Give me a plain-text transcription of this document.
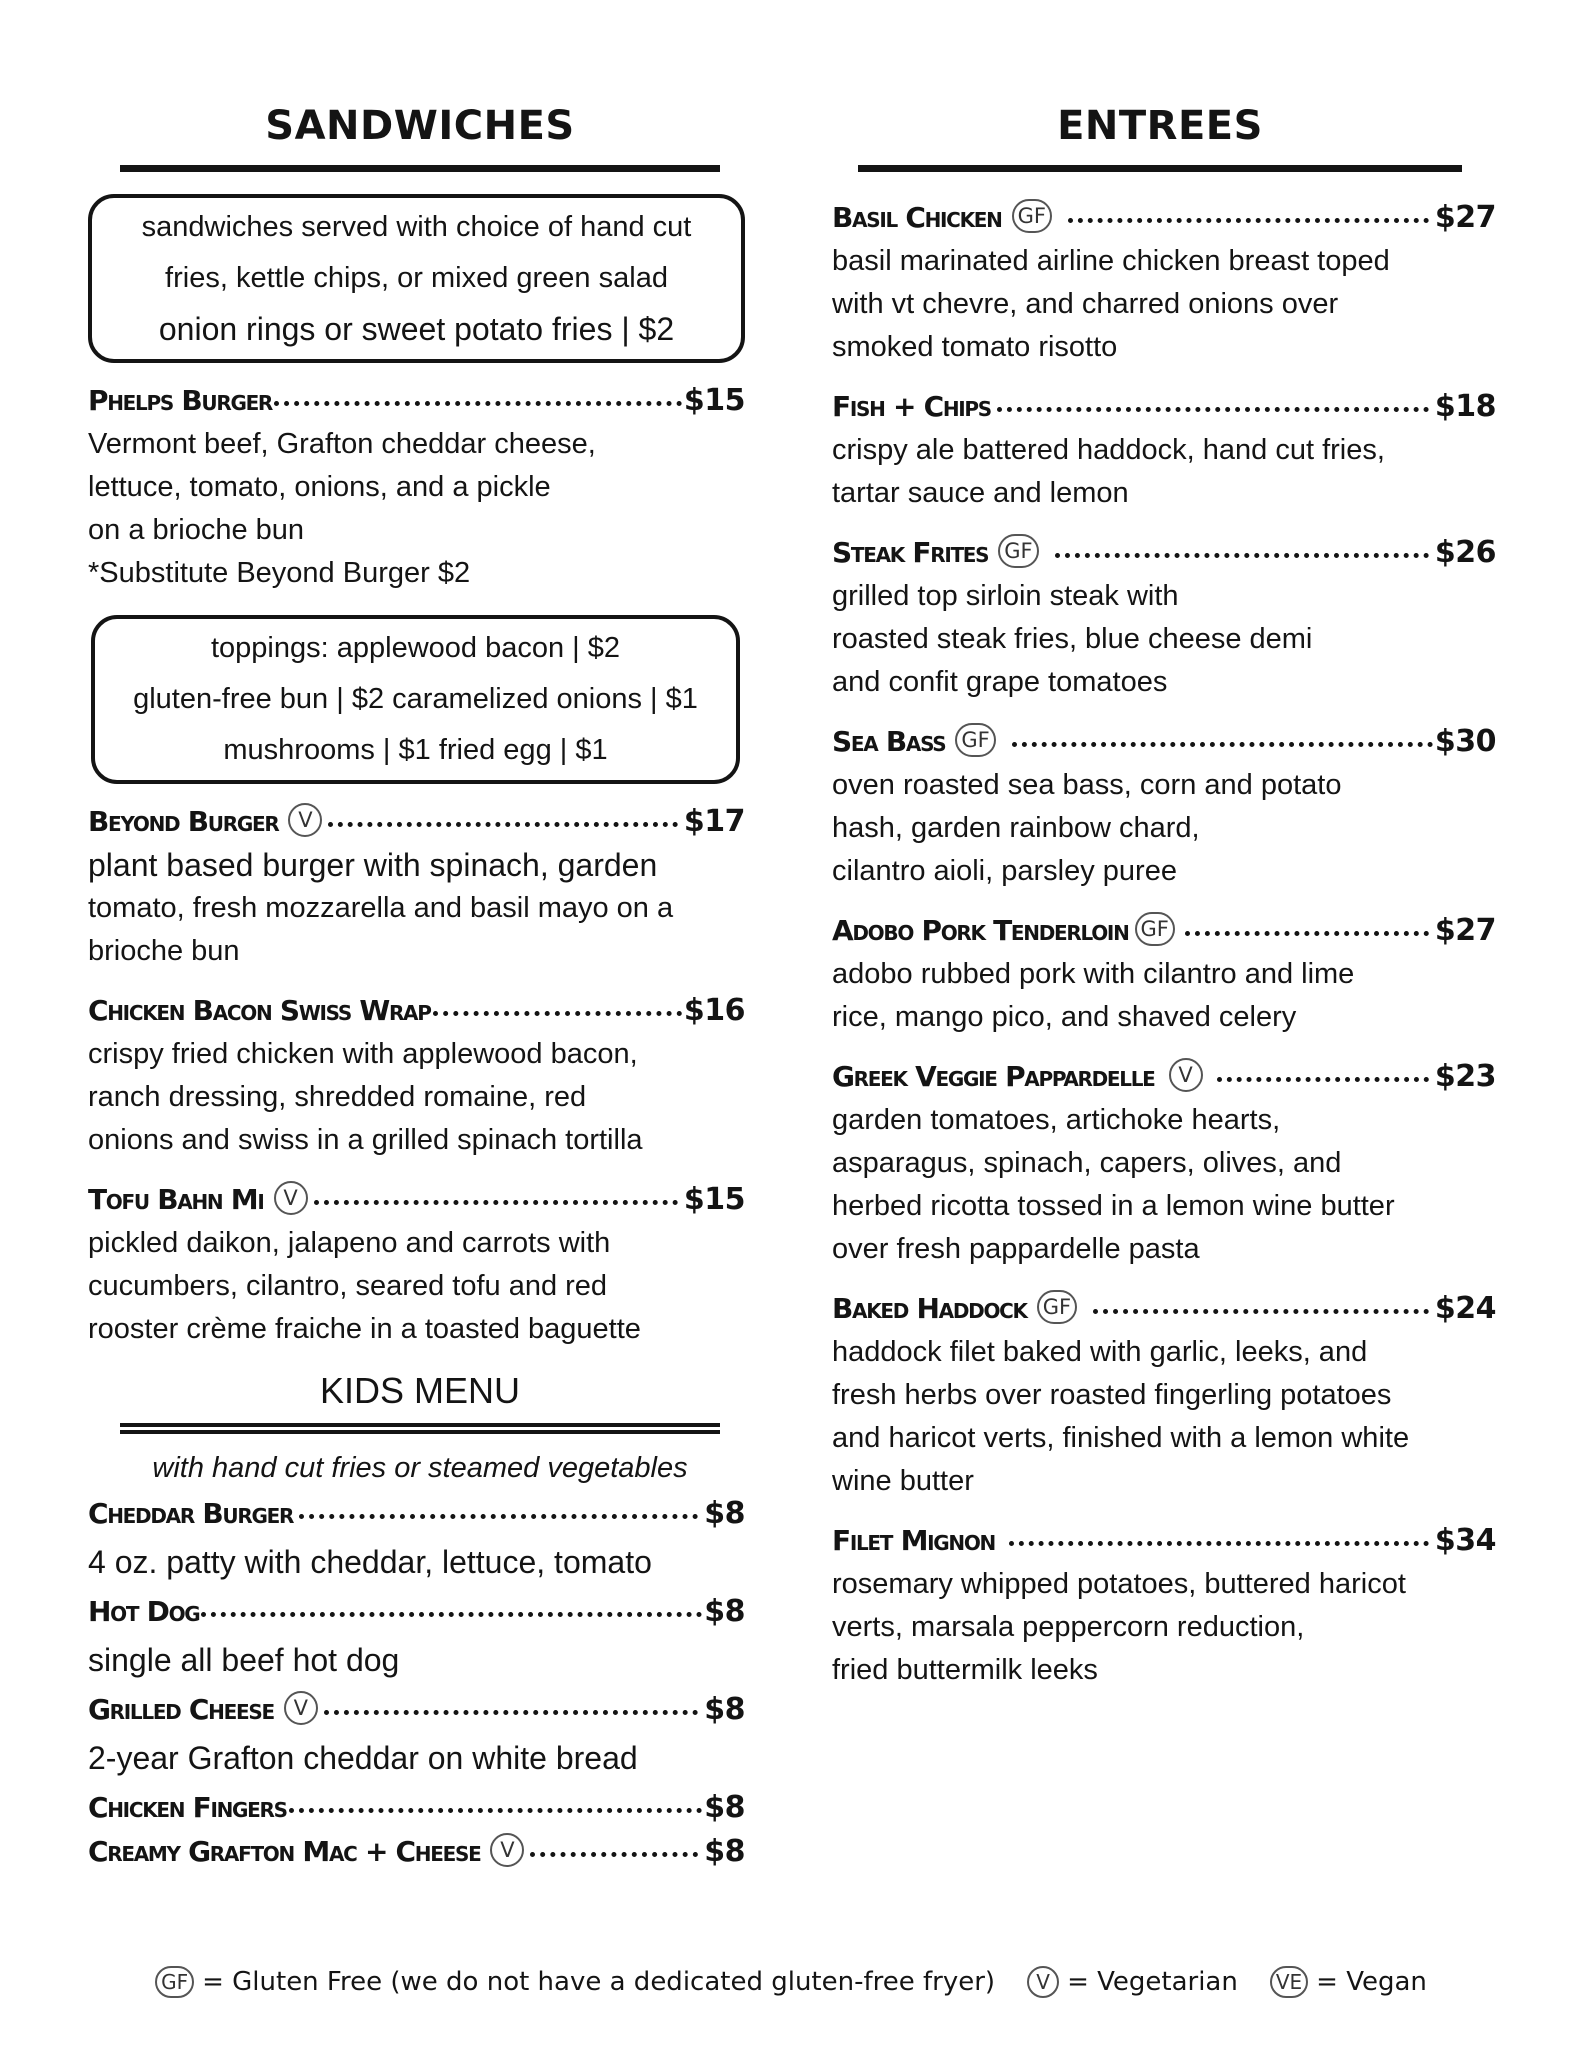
SANDWICHES
sandwiches served with choice of hand cut
fries, kettle chips, or mixed green salad
onion rings or sweet potato fries | $2
Phelps Burger	$15
Vermont beef, Grafton cheddar cheese,
lettuce, tomato, onions, and a pickle
on a brioche bun
*Substitute Beyond Burger $2
toppings: applewood bacon | $2
gluten-free bun | $2 caramelized onions | $1
mushrooms | $1 fried egg | $1
Beyond Burger V	$17
plant based burger with spinach, garden
tomato, fresh mozzarella and basil mayo on a
brioche bun
Chicken Bacon Swiss Wrap	$16
crispy fried chicken with applewood bacon,
ranch dressing, shredded romaine, red
onions and swiss in a grilled spinach tortilla
Tofu Bahn Mi V	$15
pickled daikon, jalapeno and carrots with
cucumbers, cilantro, seared tofu and red
rooster crème fraiche in a toasted baguette
KIDS MENU
with hand cut fries or steamed vegetables
Cheddar Burger	$8
4 oz. patty with cheddar, lettuce, tomato
Hot Dog	$8
single all beef hot dog
Grilled Cheese V	$8
2-year Grafton cheddar on white bread
Chicken Fingers	$8
Creamy Grafton Mac + Cheese V	$8
ENTREES
Basil Chicken GF	$27
basil marinated airline chicken breast toped
with vt chevre, and charred onions over
smoked tomato risotto
Fish + Chips	$18
crispy ale battered haddock, hand cut fries,
tartar sauce and lemon
Steak Frites GF	$26
grilled top sirloin steak with
roasted steak fries, blue cheese demi
and confit grape tomatoes
Sea Bass GF	$30
oven roasted sea bass, corn and potato
hash, garden rainbow chard,
cilantro aioli, parsley puree
Adobo Pork Tenderloin GF	$27
adobo rubbed pork with cilantro and lime
rice, mango pico, and shaved celery
Greek Veggie Pappardelle	V	$23
garden tomatoes, artichoke hearts,
asparagus, spinach, capers, olives, and
herbed ricotta tossed in a lemon wine butter
over fresh pappardelle pasta
Baked Haddock GF	$24
haddock filet baked with garlic, leeks, and
fresh herbs over roasted fingerling potatoes
and haricot verts, finished with a lemon white
wine butter
Filet Mignon	$34
rosemary whipped potatoes, buttered haricot
verts, marsala peppercorn reduction,
fried buttermilk leeks
GF = Gluten Free (we do not have a dedicated gluten-free fryer)	V = Vegetarian	VE = Vegan
